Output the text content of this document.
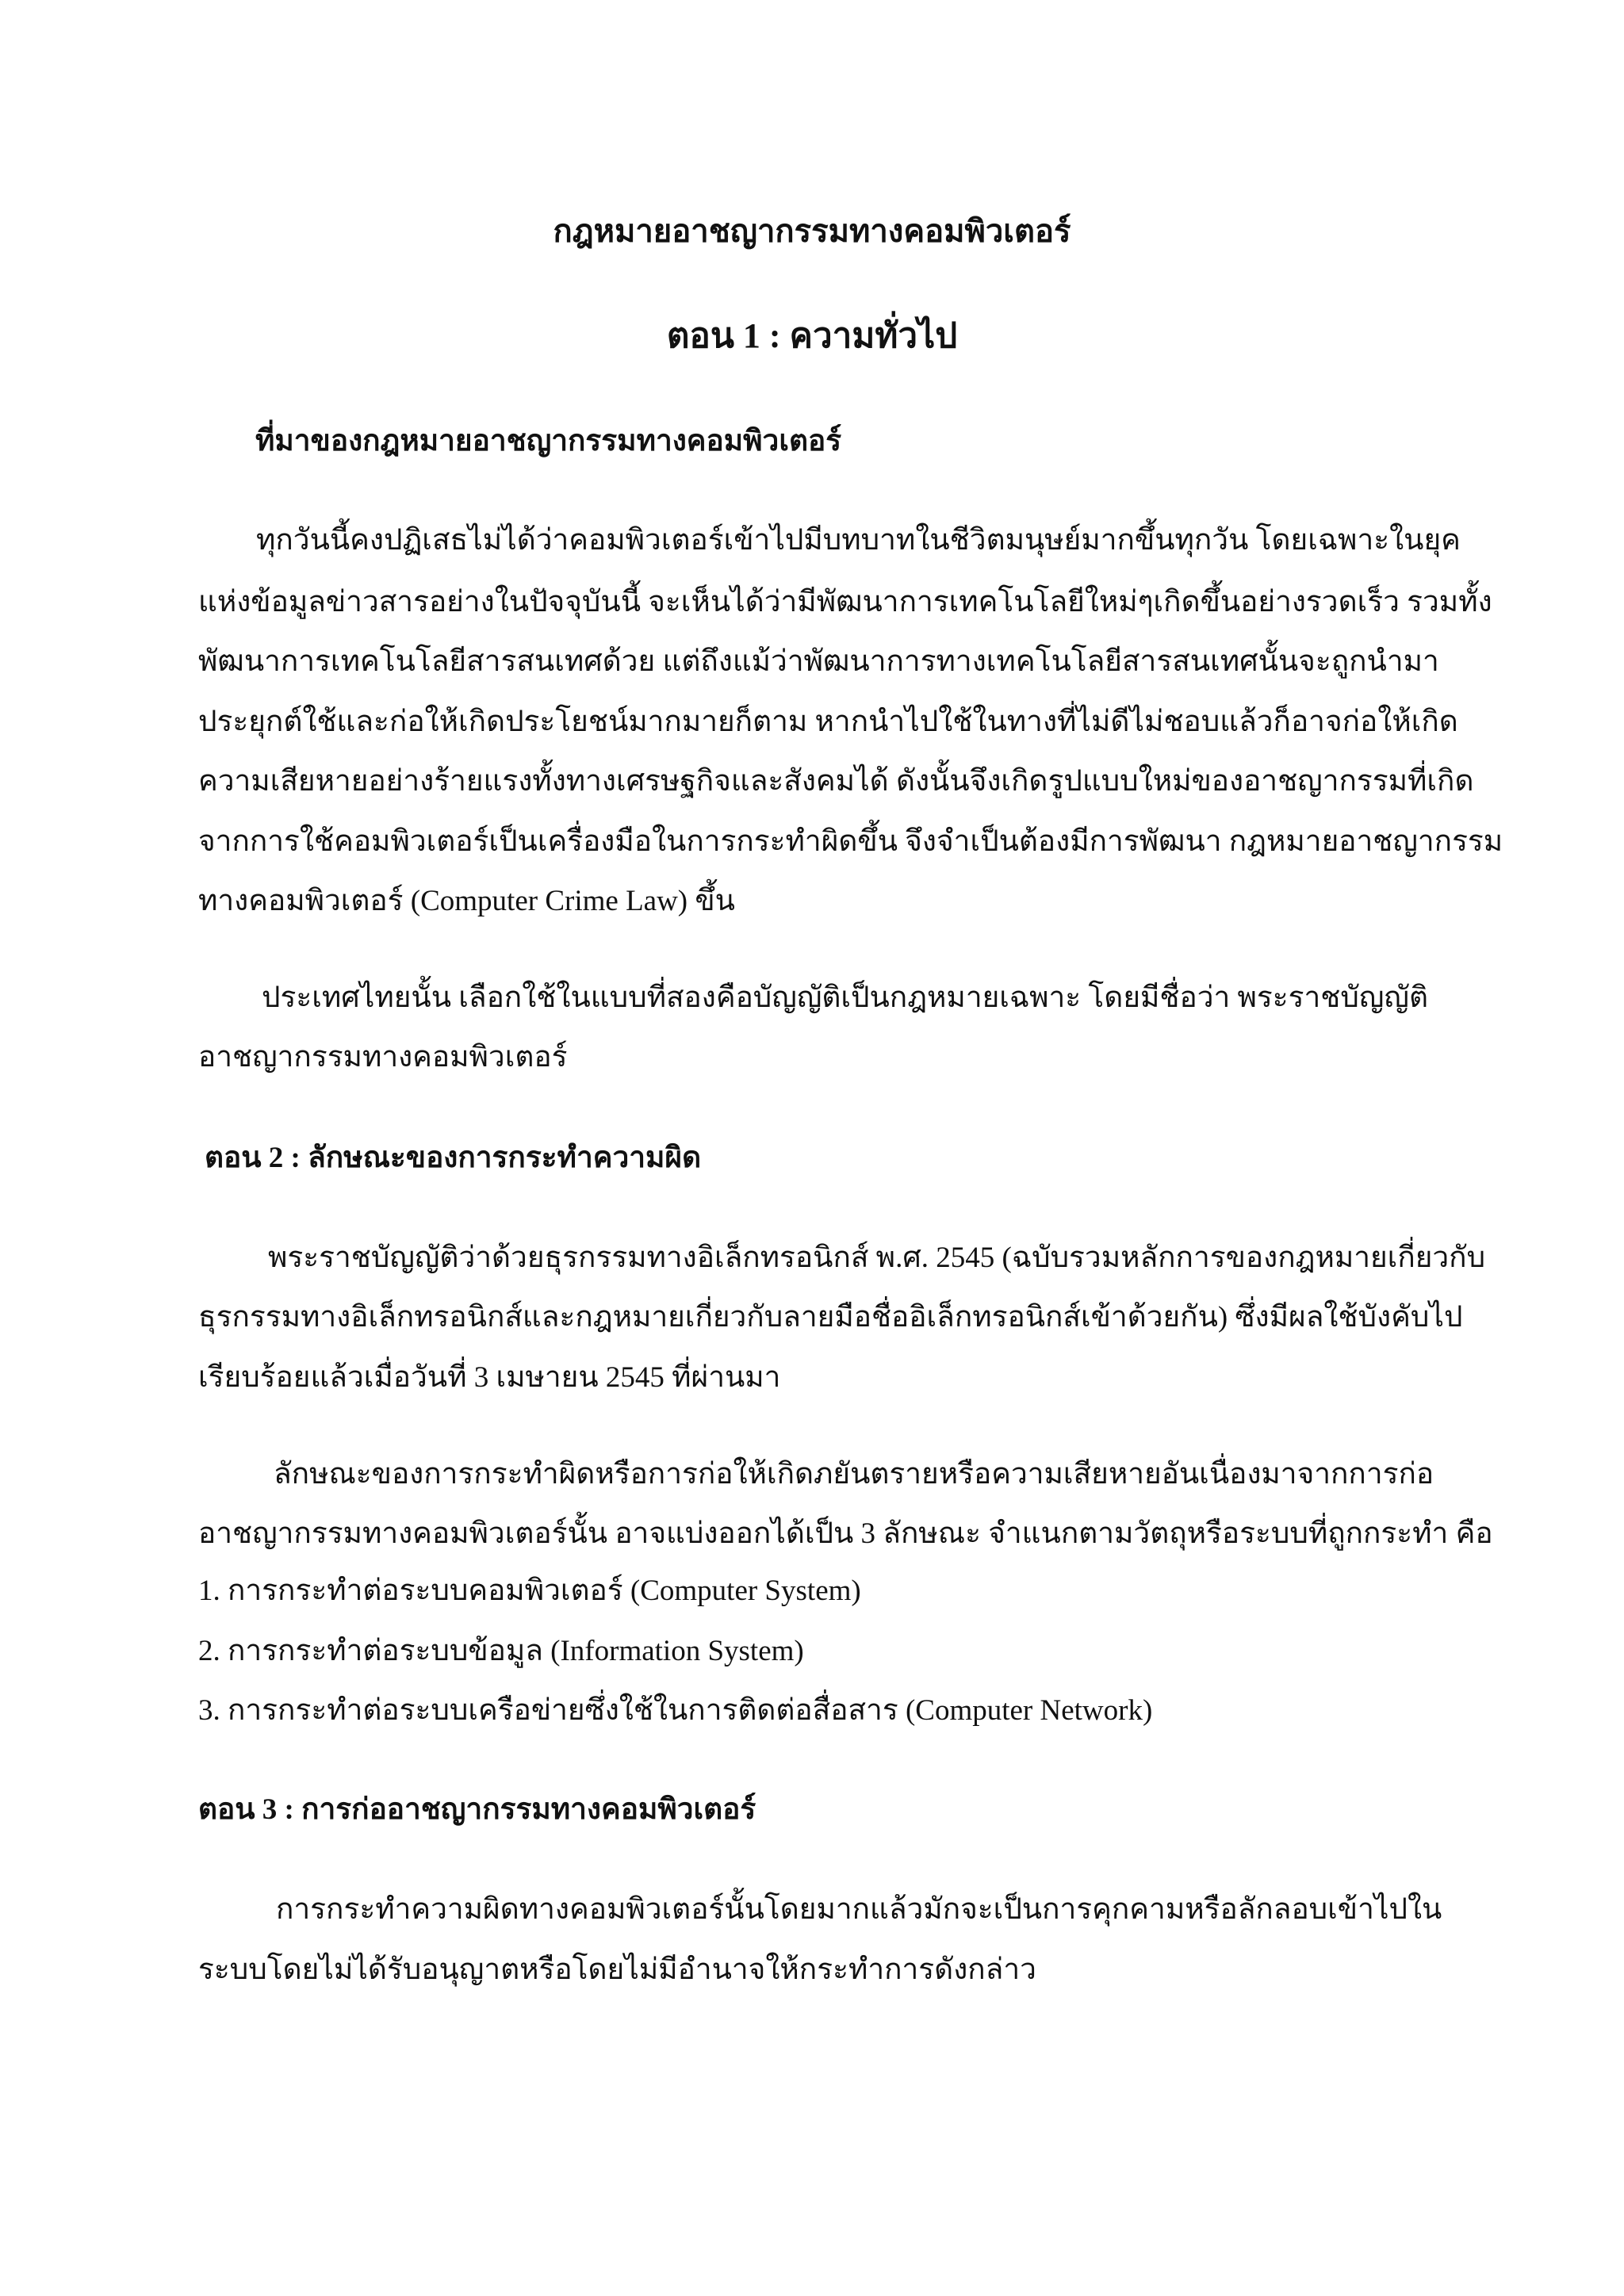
กฎหมายอาชญากรรมทางคอมพิวเตอร์
ตอน 1 : ความทั่วไป
ที่มาของกฎหมายอาชญากรรมทางคอมพิวเตอร์
ทุกวันนี้คงปฏิเสธไม่ได้ว่าคอมพิวเตอร์เข้าไปมีบทบาทในชีวิตมนุษย์มากขึ้นทุกวัน โดยเฉพาะในยุค
แห่งข้อมูลข่าวสารอย่างในปัจจุบันนี้ จะเห็นได้ว่ามีพัฒนาการเทคโนโลยีใหม่ๆเกิดขึ้นอย่างรวดเร็ว รวมทั้ง
พัฒนาการเทคโนโลยีสารสนเทศด้วย แต่ถึงแม้ว่าพัฒนาการทางเทคโนโลยีสารสนเทศนั้นจะถูกนำมา
ประยุกต์ใช้และก่อให้เกิดประโยชน์มากมายก็ตาม หากนำไปใช้ในทางที่ไม่ดีไม่ชอบแล้วก็อาจก่อให้เกิด
ความเสียหายอย่างร้ายแรงทั้งทางเศรษฐกิจและสังคมได้ ดังนั้นจึงเกิดรูปแบบใหม่ของอาชญากรรมที่เกิด
จากการใช้คอมพิวเตอร์เป็นเครื่องมือในการกระทำผิดขึ้น จึงจำเป็นต้องมีการพัฒนา กฎหมายอาชญากรรม
ทางคอมพิวเตอร์ (Computer Crime Law) ขึ้น
ประเทศไทยนั้น เลือกใช้ในแบบที่สองคือบัญญัติเป็นกฎหมายเฉพาะ โดยมีชื่อว่า พระราชบัญญัติ
อาชญากรรมทางคอมพิวเตอร์
ตอน 2 : ลักษณะของการกระทำความผิด
พระราชบัญญัติว่าด้วยธุรกรรมทางอิเล็กทรอนิกส์ พ.ศ. 2545 (ฉบับรวมหลักการของกฎหมายเกี่ยวกับ
ธุรกรรมทางอิเล็กทรอนิกส์และกฎหมายเกี่ยวกับลายมือชื่ออิเล็กทรอนิกส์เข้าด้วยกัน) ซึ่งมีผลใช้บังคับไป
เรียบร้อยแล้วเมื่อวันที่ 3 เมษายน 2545 ที่ผ่านมา
ลักษณะของการกระทำผิดหรือการก่อให้เกิดภยันตรายหรือความเสียหายอันเนื่องมาจากการก่อ
อาชญากรรมทางคอมพิวเตอร์นั้น อาจแบ่งออกได้เป็น 3 ลักษณะ จำแนกตามวัตถุหรือระบบที่ถูกกระทำ คือ
1. การกระทำต่อระบบคอมพิวเตอร์ (Computer System)
2. การกระทำต่อระบบข้อมูล (Information System)
3. การกระทำต่อระบบเครือข่ายซึ่งใช้ในการติดต่อสื่อสาร (Computer Network)
ตอน 3 : การก่ออาชญากรรมทางคอมพิวเตอร์
การกระทำความผิดทางคอมพิวเตอร์นั้นโดยมากแล้วมักจะเป็นการคุกคามหรือลักลอบเข้าไปใน
ระบบโดยไม่ได้รับอนุญาตหรือโดยไม่มีอำนาจให้กระทำการดังกล่าว
